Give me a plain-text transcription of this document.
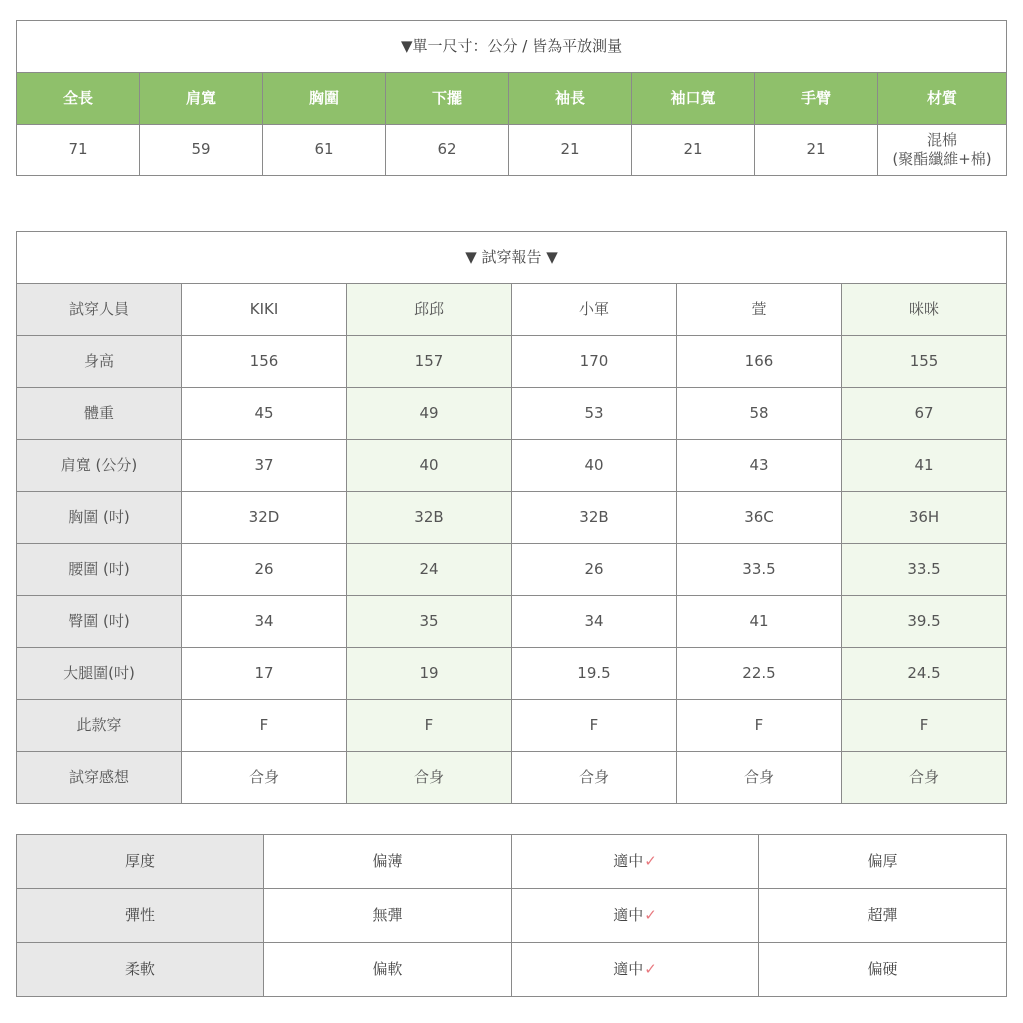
▼單一尺寸：公分 / 皆為平放測量							
全長	肩寬	胸圍	下擺	袖長	袖口寬	手臂	材質
71	59	61	62	21	21	21	混棉
(聚酯纖維+棉)
▼ 試穿報告 ▼					
試穿人員	KIKI	邱邱	小軍	萱	咪咪
身高	156	157	170	166	155
體重	45	49	53	58	67
肩寬 (公分)	37	40	40	43	41
胸圍 (吋)	32D	32B	32B	36C	36H
腰圍 (吋)	26	24	26	33.5	33.5
臀圍 (吋)	34	35	34	41	39.5
大腿圍(吋)	17	19	19.5	22.5	24.5
此款穿	F	F	F	F	F
試穿感想	合身	合身	合身	合身	合身
厚度	偏薄	適中✓	偏厚
彈性	無彈	適中✓	超彈
柔軟	偏軟	適中✓	偏硬
